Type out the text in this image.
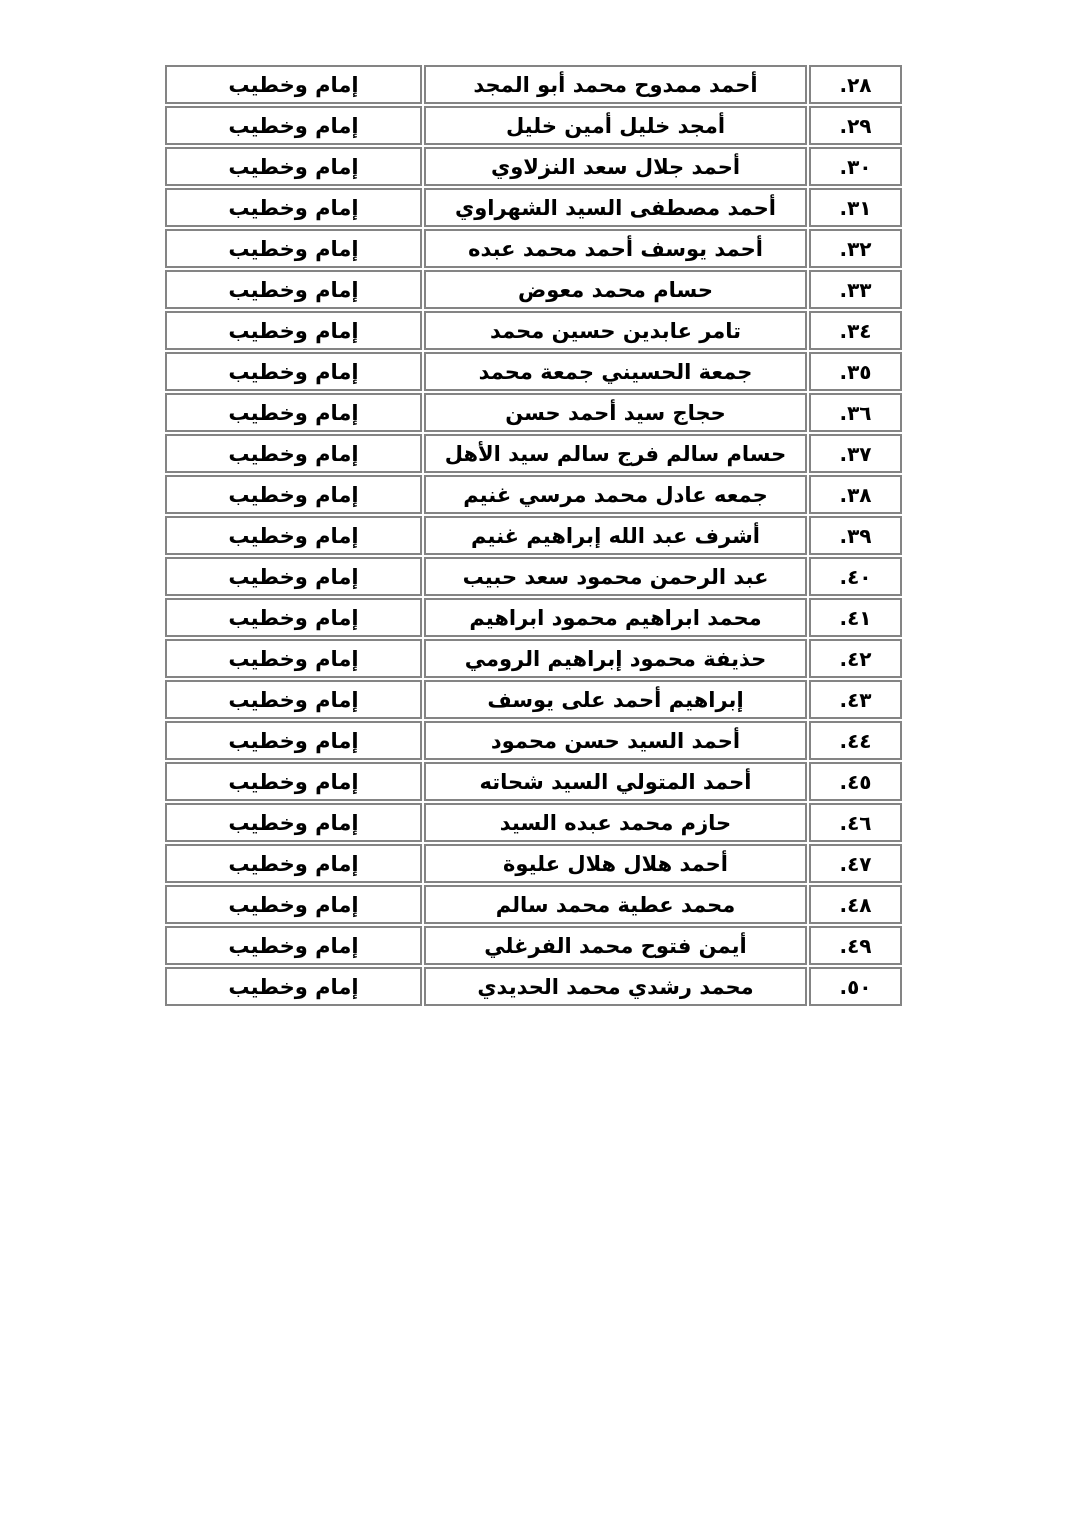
٢٨.	أحمد ممدوح محمد أبو المجد	إمام وخطيب
٢٩.	أمجد خليل أمين خليل	إمام وخطيب
٣٠.	أحمد جلال سعد النزلاوي	إمام وخطيب
٣١.	أحمد مصطفى السيد الشهراوي	إمام وخطيب
٣٢.	أحمد يوسف أحمد محمد عبده	إمام وخطيب
٣٣.	حسام محمد معوض	إمام وخطيب
٣٤.	تامر عابدين حسين محمد	إمام وخطيب
٣٥.	جمعة الحسيني جمعة محمد	إمام وخطيب
٣٦.	حجاج سيد أحمد حسن	إمام وخطيب
٣٧.	حسام سالم فرج سالم سيد الأهل	إمام وخطيب
٣٨.	جمعه عادل محمد مرسي غنيم	إمام وخطيب
٣٩.	أشرف عبد الله إبراهيم غنيم	إمام وخطيب
٤٠.	عبد الرحمن محمود سعد حبيب	إمام وخطيب
٤١.	محمد ابراهيم محمود ابراهيم	إمام وخطيب
٤٢.	حذيفة محمود إبراهيم الرومي	إمام وخطيب
٤٣.	إبراهيم أحمد على يوسف	إمام وخطيب
٤٤.	أحمد السيد حسن محمود	إمام وخطيب
٤٥.	أحمد المتولي السيد شحاته	إمام وخطيب
٤٦.	حازم محمد عبده السيد	إمام وخطيب
٤٧.	أحمد هلال هلال عليوة	إمام وخطيب
٤٨.	محمد عطية محمد سالم	إمام وخطيب
٤٩.	أيمن فتوح محمد الفرغلي	إمام وخطيب
٥٠.	محمد رشدي محمد الحديدي	إمام وخطيب
